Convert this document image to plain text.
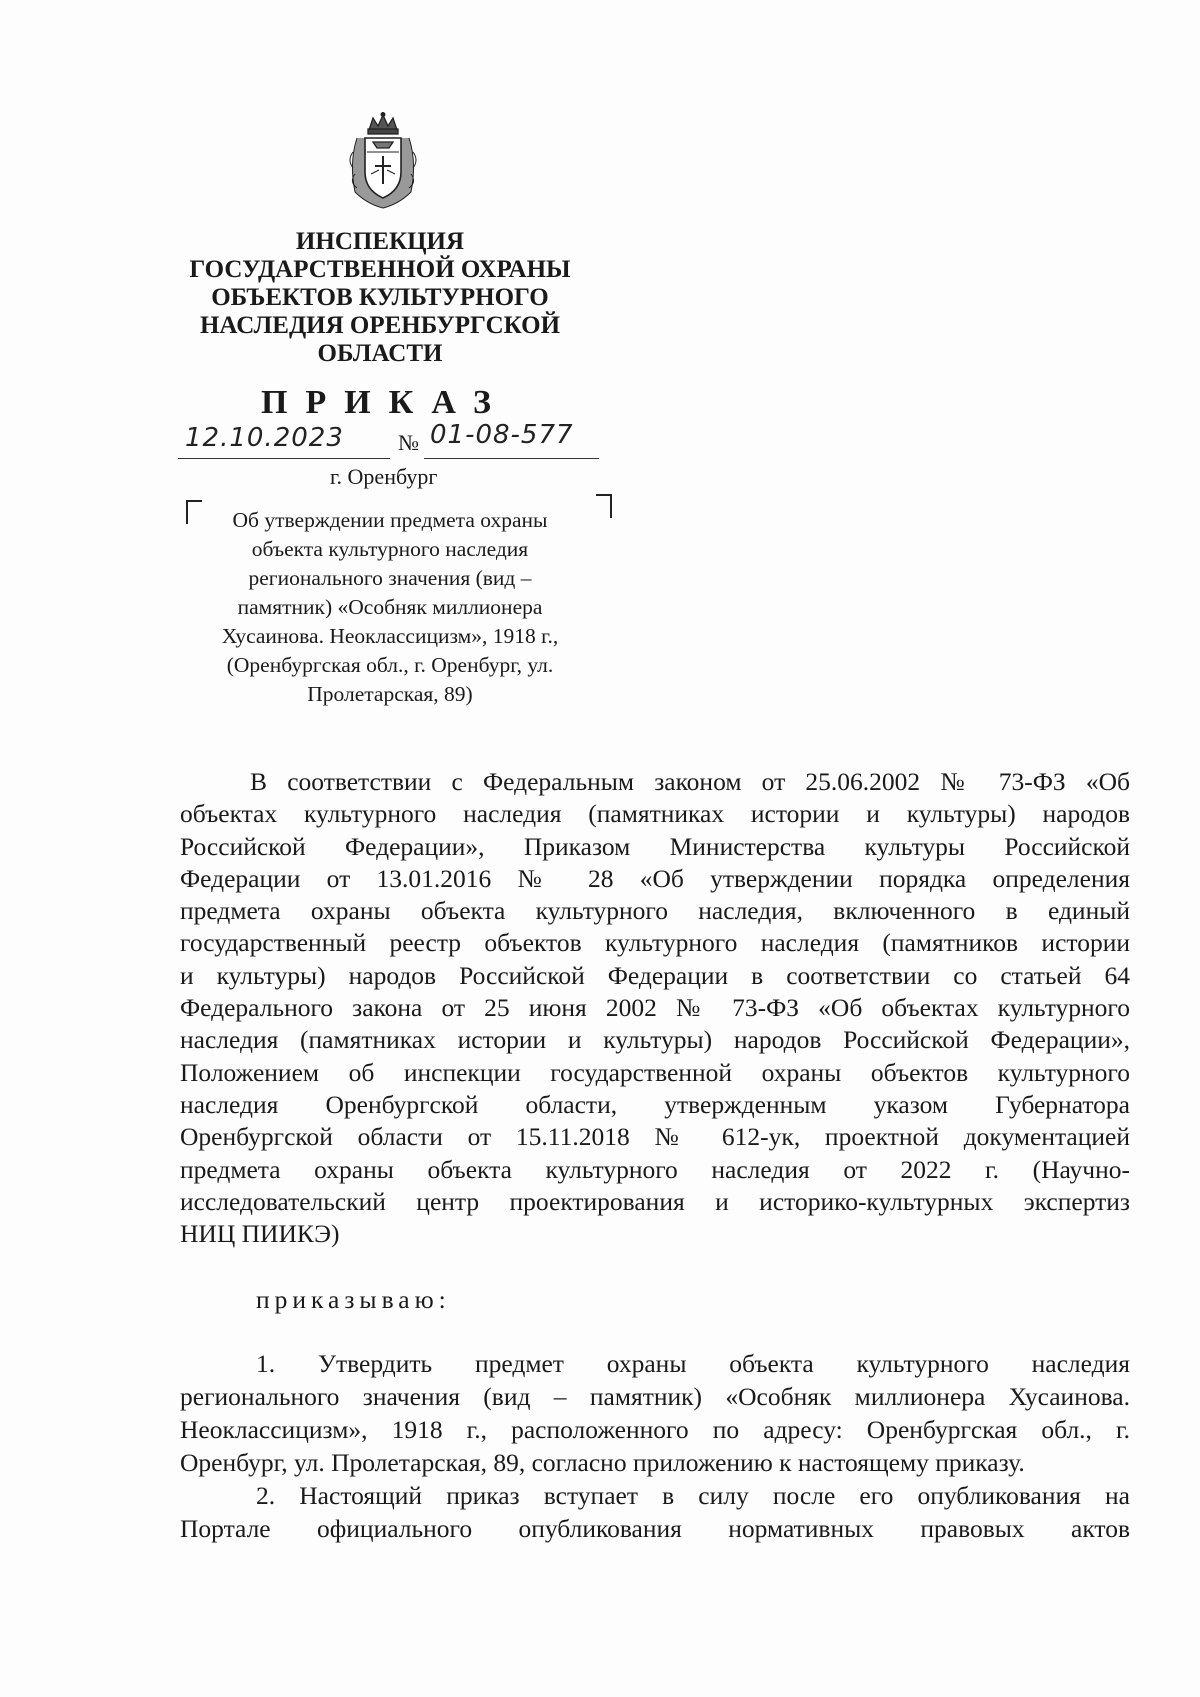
ИНСПЕКЦИЯ
ГОСУДАРСТВЕННОЙ ОХРАНЫ
ОБЪЕКТОВ КУЛЬТУРНОГО
НАСЛЕДИЯ ОРЕНБУРГСКОЙ
ОБЛАСТИ
ПРИКАЗ
12.10.2023	№ 01-08-577
г. Оренбург
Об утверждении предмета охраны
объекта культурного наследия
регионального значения (вид –
памятник) «Особняк миллионера
Хусаинова. Неоклассицизм», 1918 г.,
(Оренбургская обл., г. Оренбург, ул.
Пролетарская, 89)
В соответствии с Федеральным законом от 25.06.2002 № 73-ФЗ «Об
объектах культурного наследия (памятниках истории и культуры) народов
Российской Федерации», Приказом Министерства культуры Российской
Федерации от 13.01.2016 № 28 «Об утверждении порядка определения
предмета охраны объекта культурного наследия, включенного в единый
государственный реестр объектов культурного наследия (памятников истории
и культуры) народов Российской Федерации в соответствии со статьей 64
Федерального закона от 25 июня 2002 № 73-ФЗ «Об объектах культурного
наследия (памятниках истории и культуры) народов Российской Федерации»,
Положением об инспекции государственной охраны объектов культурного
наследия Оренбургской области, утвержденным указом Губернатора
Оренбургской области от 15.11.2018 № 612-ук, проектной документацией
предмета охраны объекта культурного наследия от 2022 г. (Научно-
исследовательский центр проектирования и историко-культурных экспертиз
НИЦ ПИИКЭ)
приказываю:
1. Утвердить предмет охраны объекта культурного наследия
регионального значения (вид – памятник) «Особняк миллионера Хусаинова.
Неоклассицизм», 1918 г., расположенного по адресу: Оренбургская обл., г.
Оренбург, ул. Пролетарская, 89, согласно приложению к настоящему приказу.
2. Настоящий приказ вступает в силу после его опубликования на
Портале официального опубликования нормативных правовых актов
